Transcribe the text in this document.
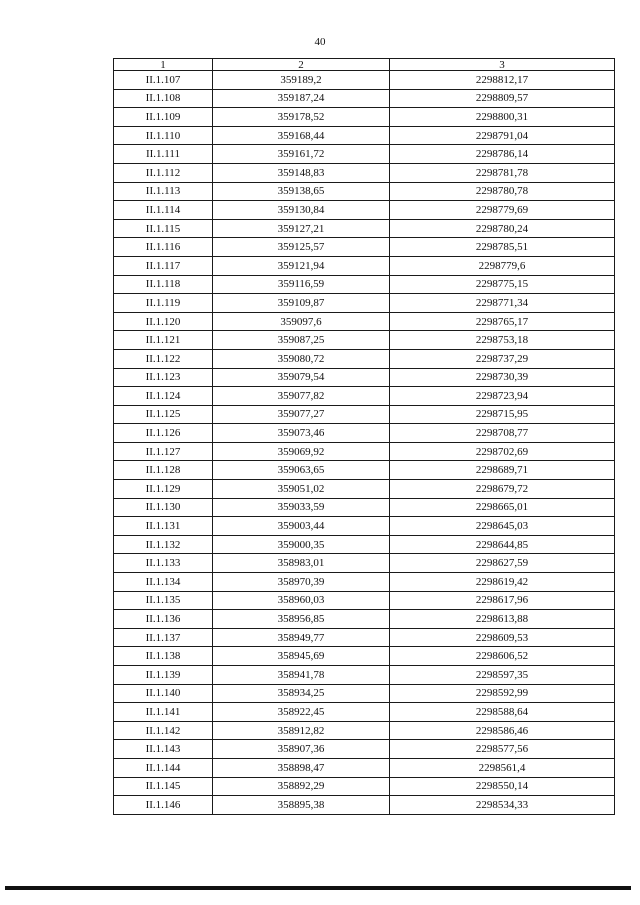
40
1	2	3
II.1.107	359189,2	2298812,17
II.1.108	359187,24	2298809,57
II.1.109	359178,52	2298800,31
II.1.110	359168,44	2298791,04
II.1.111	359161,72	2298786,14
II.1.112	359148,83	2298781,78
II.1.113	359138,65	2298780,78
II.1.114	359130,84	2298779,69
II.1.115	359127,21	2298780,24
II.1.116	359125,57	2298785,51
II.1.117	359121,94	2298779,6
II.1.118	359116,59	2298775,15
II.1.119	359109,87	2298771,34
II.1.120	359097,6	2298765,17
II.1.121	359087,25	2298753,18
II.1.122	359080,72	2298737,29
II.1.123	359079,54	2298730,39
II.1.124	359077,82	2298723,94
II.1.125	359077,27	2298715,95
II.1.126	359073,46	2298708,77
II.1.127	359069,92	2298702,69
II.1.128	359063,65	2298689,71
II.1.129	359051,02	2298679,72
II.1.130	359033,59	2298665,01
II.1.131	359003,44	2298645,03
II.1.132	359000,35	2298644,85
II.1.133	358983,01	2298627,59
II.1.134	358970,39	2298619,42
II.1.135	358960,03	2298617,96
II.1.136	358956,85	2298613,88
II.1.137	358949,77	2298609,53
II.1.138	358945,69	2298606,52
II.1.139	358941,78	2298597,35
II.1.140	358934,25	2298592,99
II.1.141	358922,45	2298588,64
II.1.142	358912,82	2298586,46
II.1.143	358907,36	2298577,56
II.1.144	358898,47	2298561,4
II.1.145	358892,29	2298550,14
II.1.146	358895,38	2298534,33
